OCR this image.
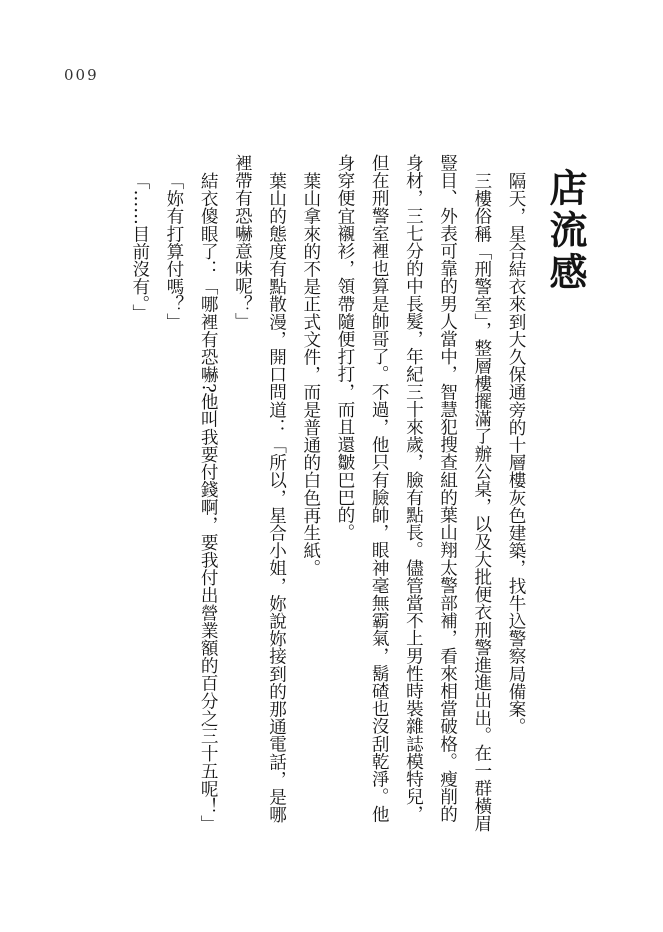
009
店流感

隔天，星合結衣來到大久保通旁的十層樓灰色建築，找牛込警察局備案。

三樓俗稱「刑警室」，整層樓擺滿了辦公桌，以及大批便衣刑警進進出出。在一群橫眉豎目、外表可靠的男人當中，智慧犯搜查組的葉山翔太警部補，看來相當破格。瘦削的身材，三七分的中長髮，年紀三十來歲，臉有點長。儘管當不上男性時裝雜誌模特兒，但在刑警室裡也算是帥哥了。不過，他只有臉帥，眼神毫無霸氣，鬍碴也沒刮乾淨。他身穿便宜襯衫，領帶隨便打打，而且還皺巴巴的。

葉山拿來的不是正式文件，而是普通的白色再生紙。

葉山的態度有點散漫，開口問道：「所以，星合小姐，妳說妳接到的那通電話，是哪裡帶有恐嚇意味呢？」

結衣傻眼了：「哪裡有恐嚇?他叫我要付錢啊，要我付出營業額的百分之三十五呢！」

「妳有打算付嗎？」

「……目前沒有。」
